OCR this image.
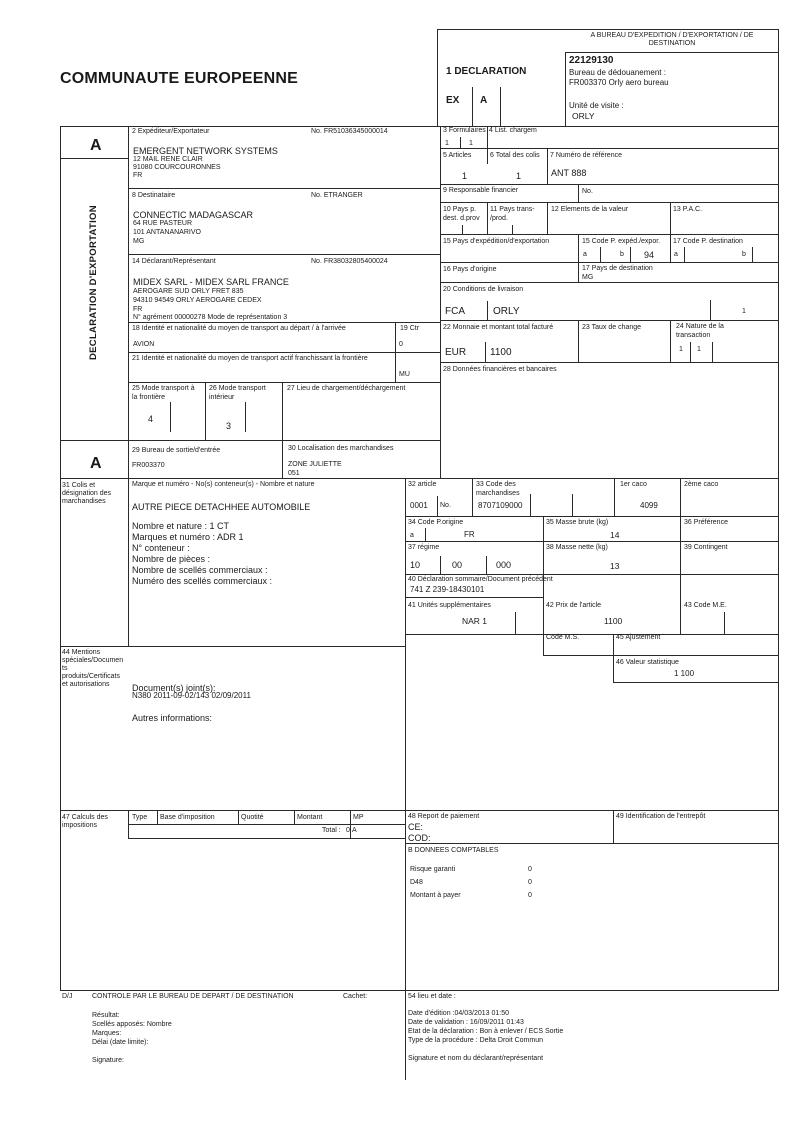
COMMUNAUTE EUROPEENNE
A BUREAU D'EXPEDITION / D'EXPORTATION / DE DESTINATION
1 DECLARATION
EX A
22129130
Bureau de dédouanement :
FR003370 Orly aero bureau
Unité de visite :
ORLY
A
DECLARATION D'EXPORTATION
2 Expéditeur/Exportateur	No. FR51036345000014
EMERGENT NETWORK SYSTEMS
12 MAIL RENE CLAIR
91080 COURCOURONNES
FR
8 Destinataire	No. ETRANGER
CONNECTIC MADAGASCAR
64 RUE PASTEUR
101 ANTANANARIVO
MG
14 Déclarant/Représentant	No. FR38032805400024
MIDEX SARL - MIDEX SARL FRANCE
AEROGARE SUD ORLY FRET 835
94310 94549 ORLY AEROGARE CEDEX
FR
N° agrément 00000278 Mode de représentation 3
18 Identité et nationalité du moyen de transport au départ / à l'arrivée	19 Ctr
AVION	0
21 Identité et nationalité du moyen de transport actif franchissant la frontière
MU
25 Mode transport à
la frontière
4
26 Mode transport
intérieur
3
27 Lieu de chargement/déchargement
A
29 Bureau de sortie/d'entrée
FR003370
30 Localisation des marchandises
ZONE JULIETTE
051
3 Formulaires 4 List. chargem
1	1
5 Articles
1
6 Total des colis
1
7 Numéro de référence
ANT 888
9 Responsable financier	No.
10 Pays p.
dest. d.prov
11 Pays trans-
/prod.
12 Elements de la valeur	13 P.A.C.
15 Pays d'expédition/d'exportation	15 Code P. expéd./expor.
a	b 94
17 Code P. destination
a	b
16 Pays d'origine	17 Pays de destination
MG
20 Conditions de livraison
FCA	ORLY	1
22 Monnaie et montant total facturé
EUR 1100
23 Taux de change	24 Nature de la
transaction
1 1
28 Données financières et bancaires
31 Colis et
désignation des
marchandises
Marque et numéro - No(s) conteneur(s) - Nombre et nature
AUTRE PIECE DETACHHEE AUTOMOBILE
Nombre et nature : 1 CT
Marques et numéro : ADR 1
N° conteneur :
Nombre de pièces :
Nombre de scellés commerciaux :
Numéro des scellés commerciaux :
32 article
0001 No.
33 Code des
marchandises
8707109000
1er caco
4099
2ème caco
34 Code P.origine
a	FR
35 Masse brute (kg)
14
36 Préférence
37 régime
10	00	000
38 Masse nette (kg)
13
39 Contingent
40 Déclaration sommaire/Document précédent
741 Z 239-18430101
41 Unités supplémentaires
NAR 1
42 Prix de l'article
1100
43 Code M.E.
Code M.S.	45 Ajustement
46 Valeur statistique
1 100
44 Mentions
spéciales/Documen
ts
produits/Certificats
et autorisations	Document(s) joint(s):
N380 2011-09-02/143 02/09/2011
Autres informations:
47 Calculs des
impositions
Type Base d'imposition	Quotité	Montant	MP
Total : 0 A
48 Report de paiement
CE:
COD:
49 Identification de l'entrepôt
B DONNEES COMPTABLES
Risque garanti	0
D48	0
Montant à payer	0
D/J	CONTROLE PAR LE BUREAU DE DEPART / DE DESTINATION	Cachet:
Résultat:
Scellés apposés: Nombre
Marques:
Délai (date limite):
Signature:
54 lieu et date :
Date d'édition :04/03/2013 01:50
Date de validation : 16/09/2011 01:43
Etat de la déclaration : Bon à enlever / ECS Sortie
Type de la procédure : Delta Droit Commun
Signature et nom du déclarant/représentant
